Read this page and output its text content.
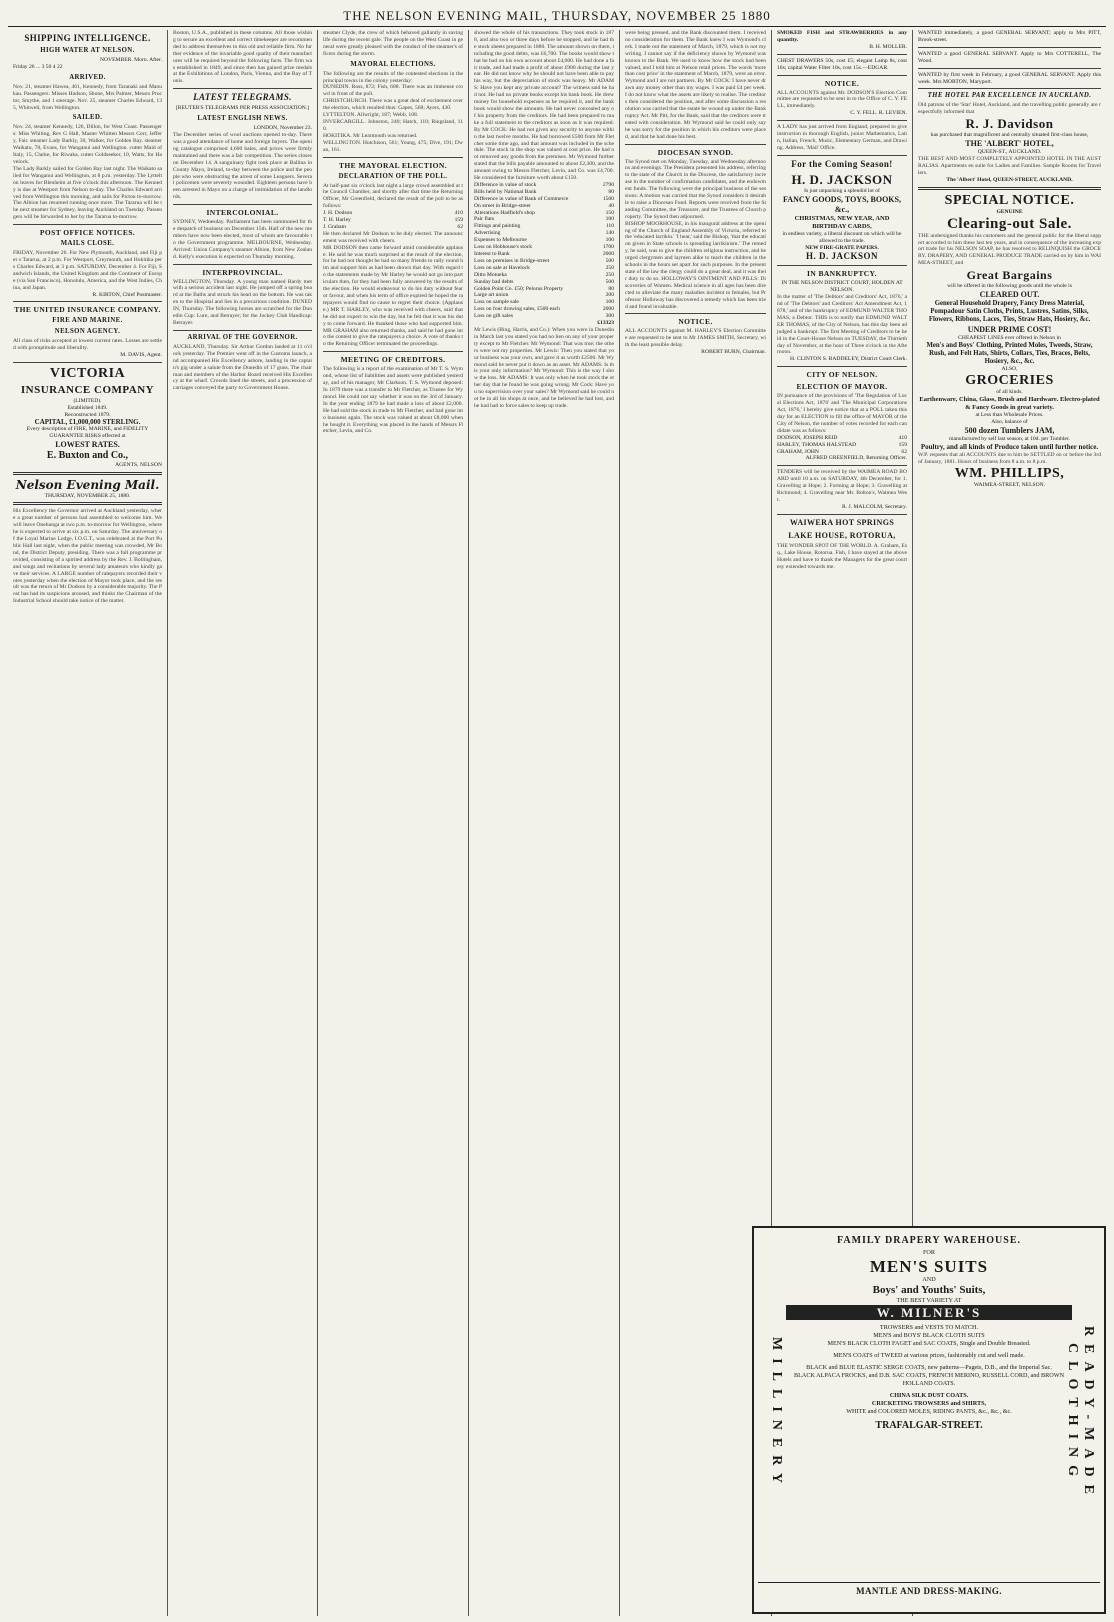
THE NELSON EVENING MAIL, THURSDAY, NOVEMBER 25 1880
SHIPPING INTELLIGENCE.
HIGH WATER AT NELSON.
NOVEMBER. Morn. After.
Friday 26 ... 3 50 4 22
ARRIVED.
Nov. 21, steamer Hawea, 461, Kennedy, from Taranaki and Manukau. Passengers: Misses Hudson, Shone, Mrs Palmer, Messrs Proctor, Smythe, and 1 steerage. Nov. 25, steamer Charles Edward, 135, Whitwell, from Wellington.
SAILED.
Nov. 24, steamer Kennedy, 126, Dillon, for West Coast. Passengers: Miss Whiting, Rev G Hall, Master Whitten Messrs Corr, Jeffery, Fair. steamer Lady Barkly, 30, Walker, for Golden Bay. steamer Waikato, 78, Evans, for Wanganui and Wellington. cutter Maid of Italy, 15, Clarke, for Riwaka. cutter Goldseeker, 10, Watts, for Havelock.
The Lady Barkly sailed for Golden Bay last night. The Waikato sailed for Wanganui and Wellington, at 8 p.m. yesterday. The Lyttelton leaves for Blenheim at five o'clock this afternoon. The Kennedy is due at Westport from Nelson to-day. The Charles Edward arrived from Wellington this morning, and sails for Picton to-morrow. The Albion has resumed running once more. The Tararua will be the next steamer for Sydney, leaving Auckland on Tuesday. Passengers will be forwarded to her by the Tararua to-morrow.
POST OFFICE NOTICES.
MAILS CLOSE.
FRIDAY, November 26. For New Plymouth, Auckland, and Fiji per s Tararua, at 2 p.m. For Westport, Greymouth, and Hokitika per s Charles Edward, at 3 p.m. SATURDAY, December 4. For Fiji, Sandwich Islands, the United Kingdom and the Continent of Europe (via San Francisco), Honolulu, America, and the West Indies, China, and Japan.
R. KIRTON, Chief Postmaster.
THE UNITED INSURANCE COMPANY.
FIRE AND MARINE.
NELSON AGENCY.
All class of risks accepted at lowest current rates. Losses are settled with promptitude and liberality.
M. DAVIS, Agent.
VICTORIA
INSURANCE COMPANY
(LIMITED).
Established 1849.
Reconstructed 1879.
CAPITAL, £1,000,000 STERLING.
Every description of FIRE, MARINE, and FIDELITY GUARANTEE RISKS effected at
LOWEST RATES.
E. Buxton and Co.,
AGENTS, NELSON
Nelson Evening Mail.
THURSDAY, NOVEMBER 25, 1880.
His Excellency the Governor arrived at Auckland yesterday, where a great number of persons had assembled to welcome him. We will leave Onehunga at two p.m. to-morrow for Wellington, where he is expected to arrive at six p.m. on Saturday. The anniversary of the Loyal Marine Lodge, I.O.G.T., was celebrated at the Port Public Hall last night, when the public meeting was crowded, Mr Bond, the District Deputy, presiding. There was a full programme provided, consisting of a spirited address by the Rev. J. Bollingham, and songs and recitations by several lady amateurs who kindly gave their services. A LARGE number of ratepayers recorded their votes yesterday when the election of Mayor took place, and the result was the return of Mr Dodson by a considerable majority. The Post has had its suspicions aroused, and thinks the Chairman of the Industrial School should take notice of the matter.
Boston, U.S.A., published in these columns. All those wishing to secure an excellent and correct timekeeper are recommended to address themselves to this old and reliable firm. No further evidence of the invariable good quality of their manufactures will be required beyond the following facts. The firm was established in 1849, and since then has gained prize medals at the Exhibitions of London, Paris, Vienna, and the Bay of Tunis.
LATEST TELEGRAMS.
[REUTER'S TELEGRAMS PER PRESS ASSOCIATION.]
LATEST ENGLISH NEWS.
LONDON, November 23.
The December series of wool auctions opened to-day. There was a good attendance of home and foreign buyers. The opening catalogue comprised 4,600 bales, and prices were firmly maintained and there was a fair competition. The series closes on December 14. A sanguinary fight took place at Ballina in County Mayo, Ireland, to-day between the police and the people who were obstructing the arrest of some Leaguers. Several policemen were severely wounded. Eighteen persons have been arrested in Mayo on a charge of intimidation of the landlords.
INTERCOLONIAL.
SYDNEY, Wednesday. Parliament has been summoned for the despatch of business on December 15th. Half of the new members have now been elected, most of whom are favourable to the Government programme. MELBOURNE, Wednesday. Arrived: Union Company's steamer Albion, from New Zealand. Kelly's execution is expected on Thursday morning.
INTERPROVINCIAL.
WELLINGTON, Thursday. A young man named Hardy met with a serious accident last night. He jumped off a spring board at the Baths and struck his head on the bottom. He was taken to the Hospital and lies in a precarious condition. DUNEDIN, Thursday. The following horses are scratched for the Dunedin Cup: Lure, and Betrayer; for the Jockey Club Handicap: Betrayer.
ARRIVAL OF THE GOVERNOR.
AUCKLAND, Thursday. Sir Arthur Gordon landed at 11 o'clock yesterday. The Premier went off in the Customs launch, and accompanied His Excellency ashore, landing in the captain's gig under a salute from the Dunedin of 17 guns. The chairman and members of the Harbor Board received His Excellency at the wharf. Crowds lined the streets, and a procession of carriages conveyed the party to Government House.
steamer Clyde, the crew of which behaved gallantly in saving life during the recent gale. The people on the West Coast in general were greatly pleased with the conduct of the steamer's officers during the storm.
MAYORAL ELECTIONS.
The following are the results of the contested elections in the principal towns in the colony yesterday:
DUNEDIN. Ross, 872; Fish, 688. There was an immense crowd in front of the poll.
CHRISTCHURCH. There was a great deal of excitement over the election, which resulted thus: Gapes, 568; Ayers, 430.
LYTTELTON. Allwright, 187; Webb, 108.
INVERCARGILL. Johnston, 240; Hatch, 110; Ringsland, 110.
HOKITIKA. Mr Learmouth was returned.
WELLINGTON. Hutchison, 561; Young, 475; Dive, 191; Dwan, 161.
THE MAYORAL ELECTION.
DECLARATION OF THE POLL.
At half-past six o'clock last night a large crowd assembled at the Council Chamber, and shortly after that time the Returning Officer, Mr Greenfield, declared the result of the poll to be as follows:
J. H. Dodson	410
T. H. Harley	159
J. Graham	62
He then declared Mr Dodson to be duly elected. The announcement was received with cheers.
MR DODSON then came forward amid considerable applause. He said he was much surprised at the result of the election, for he had not thought he had so many friends to rally round him and support him as had been shown that day. With regard to the statements made by Mr Harley he would not go into particulars then, for they had been fully answered by the results of the election. He would endeavour to do his duty without fear or favour, and when his term of office expired he hoped the ratepayers would find no cause to regret their choice. (Applause.) MR T. HARLEY, who was received with cheers, said that he did not expect to win the day, but he felt that it was his duty to come forward. He thanked those who had supported him. MR GRAHAM also returned thanks, and said he had gone into the contest to give the ratepayers a choice. A vote of thanks to the Returning Officer terminated the proceedings.
MEETING OF CREDITORS.
The following is a report of the examination of Mr T. S. Wymond, whose list of liabilities and assets were published yesterday, and of his manager, Mr Clarkson. T. S. Wymond deposed: In 1879 there was a transfer to Mr Fletcher, as Trustee for Wymond. He could not say whether it was on the 3rd of January. In the year ending 1879 he had made a loss of about £2,000. He had sold the stock in trade to Mr Fletcher, and had gone into business again. The stock was valued at about £8,000 when he bought it. Everything was placed in the hands of Messrs Fletcher, Levin, and Co.
showed the whole of his transactions. They took stock in 1878, and also two or three days before he stopped, and he had the stock sheets prepared in 1880. The amount shown on them, including the good debts, was £6,700. The books would show that he had on his own account about £4,000. He had done a fair trade, and had made a profit of about £900 during the last year. He did not know why he should not have been able to pay his way, but the depreciation of stock was heavy. Mr ADAMS: Have you kept any private account? The witness said he had not. He had no private books except his bank book. He drew money for household expenses as he required it, and the bank book would show the amounts. He had never concealed any of his property from the creditors. He had been prepared to make a full statement to the creditors as soon as it was required. By Mr COCK: He had not given any security to anyone within the last twelve months. He had borrowed £500 from Mr Fletcher some time ago, and that amount was included in the schedule. The stock in the shop was valued at cost price. He had not removed any goods from the premises. Mr Wymond further stated that the bills payable amounted to about £2,300, and the amount owing to Messrs Fletcher, Levin, and Co. was £4,700. He considered the furniture worth about £150.
Difference in value of stock	2790
Bills held by National Bank	80
Difference in value of Bank of Commerce	1500
On street in Bridge-street	40
Alterations Hadfield's shop	150
Pair flats	100
Fittings and painting	110
Advertising	140
Expenses to Melbourne	100
Loss on Hobhouse's stock	1700
Interest to Bank	2000
Loss on premises in Bridge-street	500
Loss on sale at Havelock	250
Ditto Motueka	250
Sunday bad debts	500
Golden Point Co. £50; Pelorus Property	80
Large art union	200
Loss on sample sale	100
Loss on four drawing sales, £500 each	2000
Loss on gift sales	300
£13323
Mr Lewis (Bing, Harris, and Co.): When you were in Dunedin in March last you stated you had no lien on any of your property except to Mr Fletcher. Mr Wymond: That was true; the others were not my properties. Mr Lewis: Then you stated that your business was your own, and gave it as worth £2500. Mr Wymond said he never put it down as an asset. Mr ADAMS: Is this your only information? Mr Wymond: This is the way I show the loss. Mr ADAMS: It was only when he took stock the other day that he found he was going wrong. Mr Cock: Have you no supervision over your sales? Mr Wymond said he could not be in all his shops at once, and he believed he had lost, and he had had to force sales to keep up trade.
were being pressed, and the Bank discounted them. I received no consideration for them. The Bank knew I was Wymond's clerk. I made out the statement of March, 1879, which is not my writing. I cannot say if the deficiency shown by Wymond was known to the Bank. We used to know how the stock had been valued, and I told him at Nelson retail prices. The words 'more than cost price' in the statement of March, 1879, were an error. Wymond and I are not partners. By Mr COCK: I have never drawn any money other than my wages. I was paid £4 per week. I do not know what the assets are likely to realise. The creditors then considered the position, and after some discussion a resolution was carried that the estate be wound up under the Bankruptcy Act. Mr Pitt, for the Bank, said that the creditors were treated with consideration. Mr Wymond said he could only say he was sorry for the position in which his creditors were placed, and that he had done his best.
DIOCESAN SYNOD.
The Synod met on Monday, Tuesday, and Wednesday afternoons and evenings. The President presented his address, referring to the state of the Church in the Diocese, the satisfactory increase in the number of confirmation candidates, and the endowment funds. The following were the principal business of the sessions: A motion was carried that the Synod considers it desirable to raise a Diocesan Fund. Reports were received from the Standing Committee, the Treasurer, and the Trustees of Church property. The Synod then adjourned.
BISHOP MOORHOUSE, in his inaugural address at the opening of the Church of England Assembly of Victoria, referred to the 'educated larrikin.' 'I hear,' said the Bishop, 'that the education given in State schools is spreading larrikinism.' The remedy, he said, was to give the children religious instruction, and he urged clergymen and laymen alike to teach the children in the schools in the hours set apart for such purposes. In the present state of the law the clergy could do a great deal, and it was their duty to do so. HOLLOWAY'S OINTMENT AND PILLS: Discoveries of Women. Medical science in all ages has been directed to alleviate the many maladies incident to females, but Professor Holloway has discovered a remedy which has been tried and found invaluable.
NOTICE.
ALL ACCOUNTS against M. HARLEY'S Election Committee are requested to be sent to Mr JAMES SMITH, Secretary, with the least possible delay.
ROBERT BURN, Chairman.
SMOKED FISH and STRAWBERRIES in any quantity.
B. H. MOLLER.
CHEST DRAWERS 50s, cost £5; elegant Lamp 8s, cost 16s; capital Water Filter 10s, cost 15s.—EDGAR.
NOTICE.
ALL ACCOUNTS against Mr. DODSON'S Election Committee are requested to be sent in to the Office of C. Y. FELL, immediately.
C. Y. FELL. R. LEVIEN.
A LADY has just arrived from England, prepared to give instruction in thorough English, junior Mathematics, Latin, Italian, French, Music, Elementary German, and Drawing. Address, 'Mail' Office.
For the Coming Season!
H. D. JACKSON
Is just unpacking a splendid lot of
FANCY GOODS, TOYS, BOOKS, &c.,
CHRISTMAS, NEW YEAR, AND BIRTHDAY CARDS,
in endless variety, a liberal discount on which will be allowed to the trade.
NEW FIRE-GRATE PAPERS.
H. D. JACKSON
IN BANKRUPTCY.
IN THE NELSON DISTRICT COURT, HOLDEN AT NELSON.
In the matter of 'The Debtors' and Creditors' Act, 1876,' and of 'The Debtors' and Creditors' Act Amendment Act, 1878,' and of the bankruptcy of EDMUND WALTER THOMAS, a Debtor. THIS is to notify that EDMUND WALTER THOMAS, of the City of Nelson, has this day been adjudged a bankrupt. The first Meeting of Creditors to be held in the Court-House Nelson on TUESDAY, the Thirtieth day of November, at the hour of Three o'clock in the Afternoon.
H. CLINTON S. BADDELEY, District Court Clerk.
CITY OF NELSON.
ELECTION OF MAYOR.
IN pursuance of the provisions of 'The Regulation of Local Elections Act, 1876' and 'The Municipal Corporations Act, 1876,' I hereby give notice that at a POLL taken this day for an ELECTION to fill the office of MAYOR of the City of Nelson, the number of votes recorded for each candidate was as follows:
DODSON, JOSEPH REID	410
HARLEY, THOMAS HALSTEAD	159
GRAHAM, JOHN	62
ALFRED GREENFIELD, Returning Officer.
TENDERS will be received by the WAIMEA ROAD BOARD until 10 a.m. on SATURDAY, 4th December, for 1. Gravelling at Hope; 2. Forming at Hope; 3. Gravelling at Richmond; 4. Gravelling near Mr. Bolton's, Waimea West.
R. J. MALCOLM, Secretary.
WAIWERA HOT SPRINGS
LAKE HOUSE, ROTORUA,
THE WONDER SPOT OF THE WORLD. A. Graham, Esq., Lake House, Rotorua. Fish, I have stayed at the above Hotels and have to thank the Managers for the great courtesy extended towards me.
WANTED immediately, a good GENERAL SERVANT; apply to Mrs PITT, Brook-street.
WANTED a good GENERAL SERVANT. Apply to Mrs COTTERELL, The Wood.
WANTED by first week in February, a good GENERAL SERVANT. Apply this week. Mrs MORTON, Maryport.
THE HOTEL PAR EXCELLENCE IN AUCKLAND.
Old patrons of the 'Star' Hotel, Auckland, and the travelling public generally are respectfully informed that
R. J. Davidson
has purchased that magnificent and centrally situated first-class house,
THE 'ALBERT' HOTEL,
QUEEN-ST., AUCKLAND.
THE BEST AND MOST COMPLETELY APPOINTED HOTEL IN THE AUSTRALIAS. Apartments en suite for Ladies and Families. Sample Rooms for Travellers.
The 'Albert' Hotel, QUEEN-STREET, AUCKLAND.
SPECIAL NOTICE.
GENUINE
Clearing-out Sale.
THE undersigned thanks his customers and the general public for the liberal support accorded to him these last ten years, and in consequence of the increasing export trade for his NELSON SOAP, he has resolved to RELINQUISH the GROCERY, DRAPERY, AND GENERAL PRODUCE TRADE carried on by him in WAIMEA-STREET, and
Great Bargains
will be offered in the following goods until the whole is
CLEARED OUT.
General Household Drapery, Fancy Dress Material, Pompadour Satin Cloths, Prints, Lustres, Satins, Silks, Flowers, Ribbons, Laces, Ties, Straw Hats, Hosiery, &c.
UNDER PRIME COST!
CHEAPEST LINES ever offered in Nelson in
Men's and Boys' Clothing, Printed Moles, Tweeds, Straw, Rush, and Felt Hats, Shirts, Collars, Ties, Braces, Belts, Hosiery, &c., &c.
ALSO,
GROCERIES
of all kinds.
Earthenware, China, Glass, Brush and Hardware. Electro-plated & Fancy Goods in great variety.
at Less than Wholesale Prices.
Also, balance of
500 dozen Tumblers JAM,
manufactured by self last season, at 10d. per Tumbler.
Poultry, and all kinds of Produce taken until further notice.
W.P. requests that all ACCOUNTS due to him be SETTLED on or before the 3rd of January, 1881. Hours of business from 8 a.m. to 8 p.m.
WM. PHILLIPS,
WAIMEA-STREET, NELSON.
FAMILY DRAPERY WAREHOUSE.
MILLINERY	READY-MADE CLOTHING
FOR
MEN'S SUITS
AND
Boys' and Youths' Suits,
THE BEST VARIETY AT
W. MILNER'S
TROWSERS and VESTS TO MATCH.
MEN'S and BOYS' BLACK CLOTH SUITS
MEN'S BLACK CLOTH FAGET and SAC COATS, Single and Double Breasted.
MEN'S COATS of TWEED at various prices, fashionably cut and well made.
BLACK and BLUE ELASTIC SERGE COATS, new patterns—Pagets, D.B., and the Imperial Sac.
BLACK ALPACA FROCKS, and D.B. SAC COATS, FRENCH MERINO, RUSSELL CORD, and BROWN HOLLAND COATS.
CHINA SILK DUST COATS.
CRICKETING TROWSERS and SHIRTS,
WHITE and COLORED MOLES, RIDING PANTS, &c., &c., &c.
TRAFALGAR-STREET.
MANTLE AND DRESS-MAKING.
